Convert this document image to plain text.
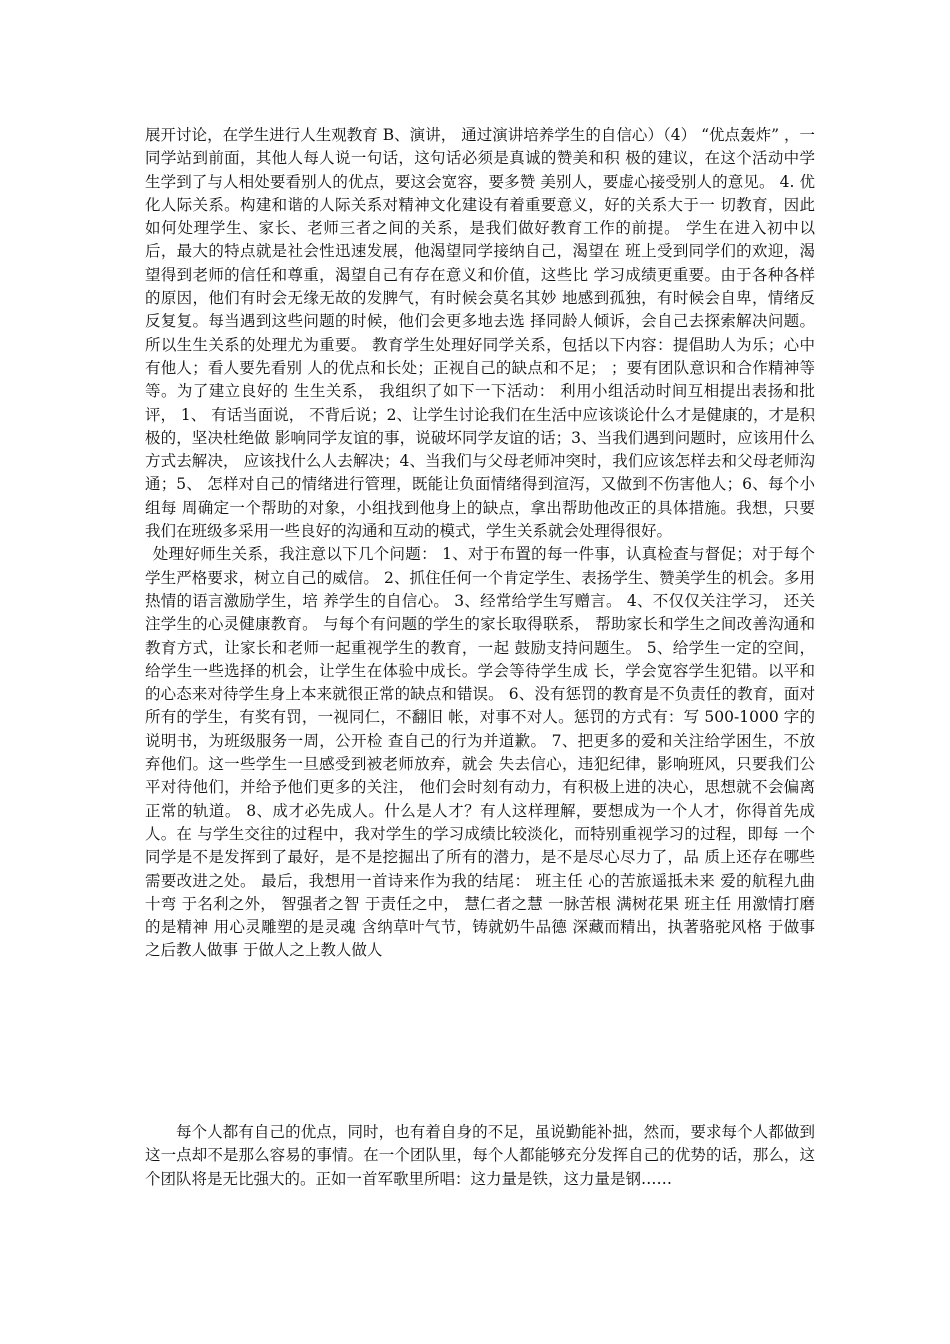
展开讨论，在学生进行人生观教育 B、演讲， 通过演讲培养学生的自信心）（4） “优点轰炸” ，一同学站到前面，其他人每人说一句话，这句话必须是真诚的赞美和积 极的建议，在这个活动中学生学到了与人相处要看别人的优点，要这会宽容，要多赞 美别人，要虚心接受别人的意见。 4. 优化人际关系。构建和谐的人际关系对精神文化建设有着重要意义，好的关系大于一 切教育，因此如何处理学生、家长、老师三者之间的关系，是我们做好教育工作的前提。 学生在进入初中以后，最大的特点就是社会性迅速发展，他渴望同学接纳自己，渴望在 班上受到同学们的欢迎，渴望得到老师的信任和尊重，渴望自己有存在意义和价值，这些比 学习成绩更重要。由于各种各样的原因，他们有时会无缘无故的发脾气，有时候会莫名其妙 地感到孤独，有时候会自卑，情绪反反复复。每当遇到这些问题的时候，他们会更多地去选 择同龄人倾诉，会自己去探索解决问题。所以生生关系的处理尤为重要。 教育学生处理好同学关系，包括以下内容：提倡助人为乐；心中有他人；看人要先看别 人的优点和长处；正视自己的缺点和不足； ；要有团队意识和合作精神等等。为了建立良好的 生生关系， 我组织了如下一下活动： 利用小组活动时间互相提出表扬和批评， 1、 有话当面说， 不背后说；2、让学生讨论我们在生活中应该谈论什么才是健康的，才是积极的，坚决杜绝做 影响同学友谊的事，说破坏同学友谊的话；3、当我们遇到问题时，应该用什么方式去解决， 应该找什么人去解决；4、当我们与父母老师冲突时，我们应该怎样去和父母老师沟通；5、 怎样对自己的情绪进行管理，既能让负面情绪得到渲泻，又做到不伤害他人；6、每个小组每 周确定一个帮助的对象，小组找到他身上的缺点，拿出帮助他改正的具体措施。我想，只要 我们在班级多采用一些良好的沟通和互动的模式，学生关系就会处理得很好。

处理好师生关系，我注意以下几个问题： 1、对于布置的每一件事，认真检查与督促；对于每个学生严格要求，树立自己的威信。 2、抓住任何一个肯定学生、表扬学生、赞美学生的机会。多用热情的语言激励学生，培 养学生的自信心。 3、经常给学生写赠言。 4、不仅仅关注学习， 还关注学生的心灵健康教育。 与每个有问题的学生的家长取得联系， 帮助家长和学生之间改善沟通和教育方式，让家长和老师一起重视学生的教育，一起 鼓励支持问题生。 5、给学生一定的空间，给学生一些选择的机会，让学生在体验中成长。学会等待学生成 长，学会宽容学生犯错。以平和的心态来对待学生身上本来就很正常的缺点和错误。 6、没有惩罚的教育是不负责任的教育，面对所有的学生，有奖有罚，一视同仁，不翻旧 帐，对事不对人。惩罚的方式有：写 500-1000 字的说明书，为班级服务一周，公开检 查自己的行为并道歉。 7、把更多的爱和关注给学困生，不放弃他们。这一些学生一旦感受到被老师放弃，就会 失去信心，违犯纪律，影响班风，只要我们公平对待他们，并给予他们更多的关注， 他们会时刻有动力，有积极上进的决心，思想就不会偏离正常的轨道。 8、成才必先成人。什么是人才？有人这样理解，要想成为一个人才，你得首先成人。在 与学生交往的过程中，我对学生的学习成绩比较淡化，而特别重视学习的过程，即每 一个同学是不是发挥到了最好，是不是挖掘出了所有的潜力，是不是尽心尽力了，品 质上还存在哪些需要改进之处。 最后，我想用一首诗来作为我的结尾： 班主任 心的苦旅遥抵未来 爱的航程九曲十弯 于名利之外， 智强者之智 于责任之中， 慧仁者之慧 一脉苦根 满树花果 班主任 用激情打磨的是精神 用心灵雕塑的是灵魂 含纳草叶气节，铸就奶牛品德 深藏而精出，执著骆驼风格 于做事之后教人做事 于做人之上教人做人

每个人都有自己的优点，同时，也有着自身的不足，虽说勤能补拙，然而，要求每个人都做到这一点却不是那么容易的事情。在一个团队里，每个人都能够充分发挥自己的优势的话，那么，这个团队将是无比强大的。正如一首军歌里所唱：这力量是铁，这力量是钢……
